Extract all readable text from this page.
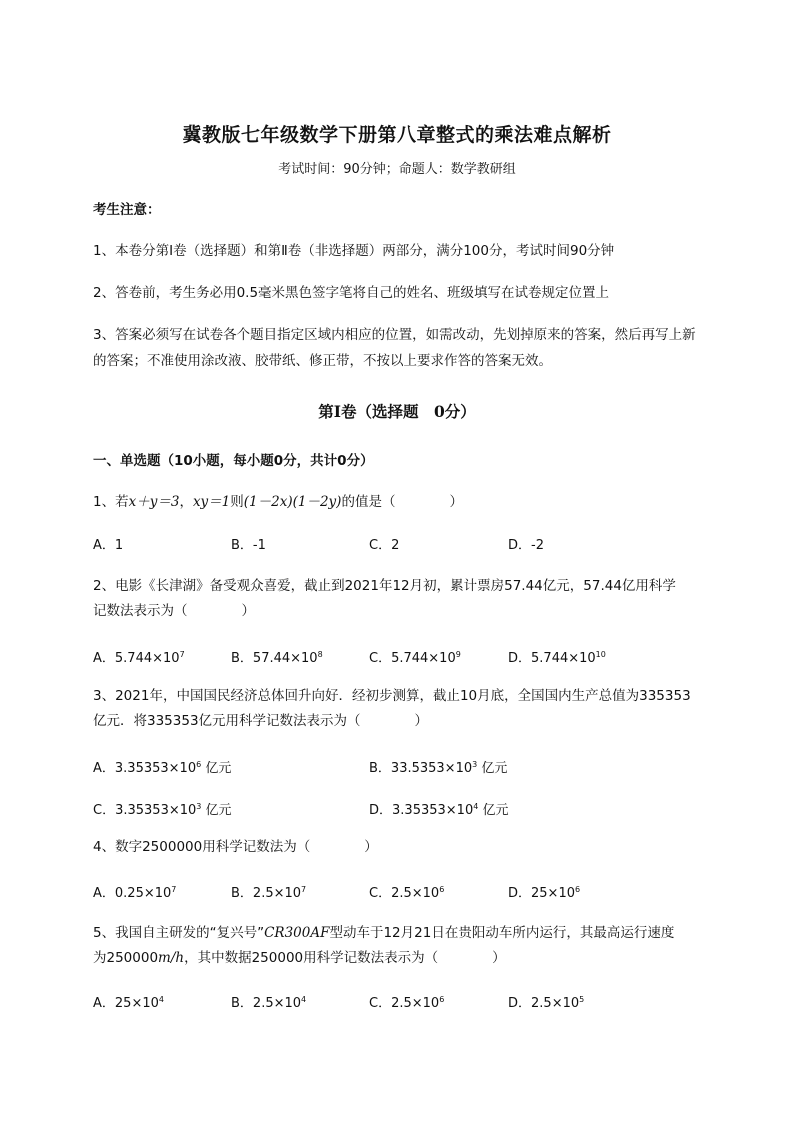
冀教版七年级数学下册第八章整式的乘法难点解析
考试时间：90分钟；命题人：数学教研组
考生注意：
1、本卷分第Ⅰ卷（选择题）和第Ⅱ卷（非选择题）两部分，满分100分，考试时间90分钟
2、答卷前，考生务必用0.5毫米黑色签字笔将自己的姓名、班级填写在试卷规定位置上
3、答案必须写在试卷各个题目指定区域内相应的位置，如需改动，先划掉原来的答案，然后再写上新
的答案；不准使用涂改液、胶带纸、修正带，不按以上要求作答的答案无效。
第Ⅰ卷（选择题　0分）
一、单选题（10小题，每小题0分，共计0分）
1、若x＋y＝3，xy＝1则(1－2x)(1－2y)的值是（　　　　）
A．1	B．-1	C．2	D．-2
2、电影《长津湖》备受观众喜爱，截止到2021年12月初，累计票房57.44亿元，57.44亿用科学
记数法表示为（　　　　）
A．$5.744\times 10^7$	B．$57.44\times 10^8$	C．$5.744\times 10^9$	D．$5.744\times 10^{10}$
3、2021年，中国国民经济总体回升向好．经初步测算，截止10月底，全国国内生产总值为335353
亿元．将335353亿元用科学记数法表示为（　　　　）
A．$3.35353\times 10^6$ 亿元	B．$33.5353\times 10^3$ 亿元
C．$3.35353\times 10^3$ 亿元	D．$3.35353\times 10^4$ 亿元
4、数字2500000用科学记数法为（　　　　）
A．$0.25\times 10^7$	B．$2.5\times 10^7$	C．$2.5\times 10^6$	D．$25\times 10^6$
5、我国自主研发的“复兴号”CR300AF型动车于12月21日在贵阳动车所内运行，其最高运行速度
为250000m/h，其中数据250000用科学记数法表示为（　　　　）
A．$25\times 10^4$	B．$2.5\times 10^4$	C．$2.5\times 10^6$	D．$2.5\times 10^5$
